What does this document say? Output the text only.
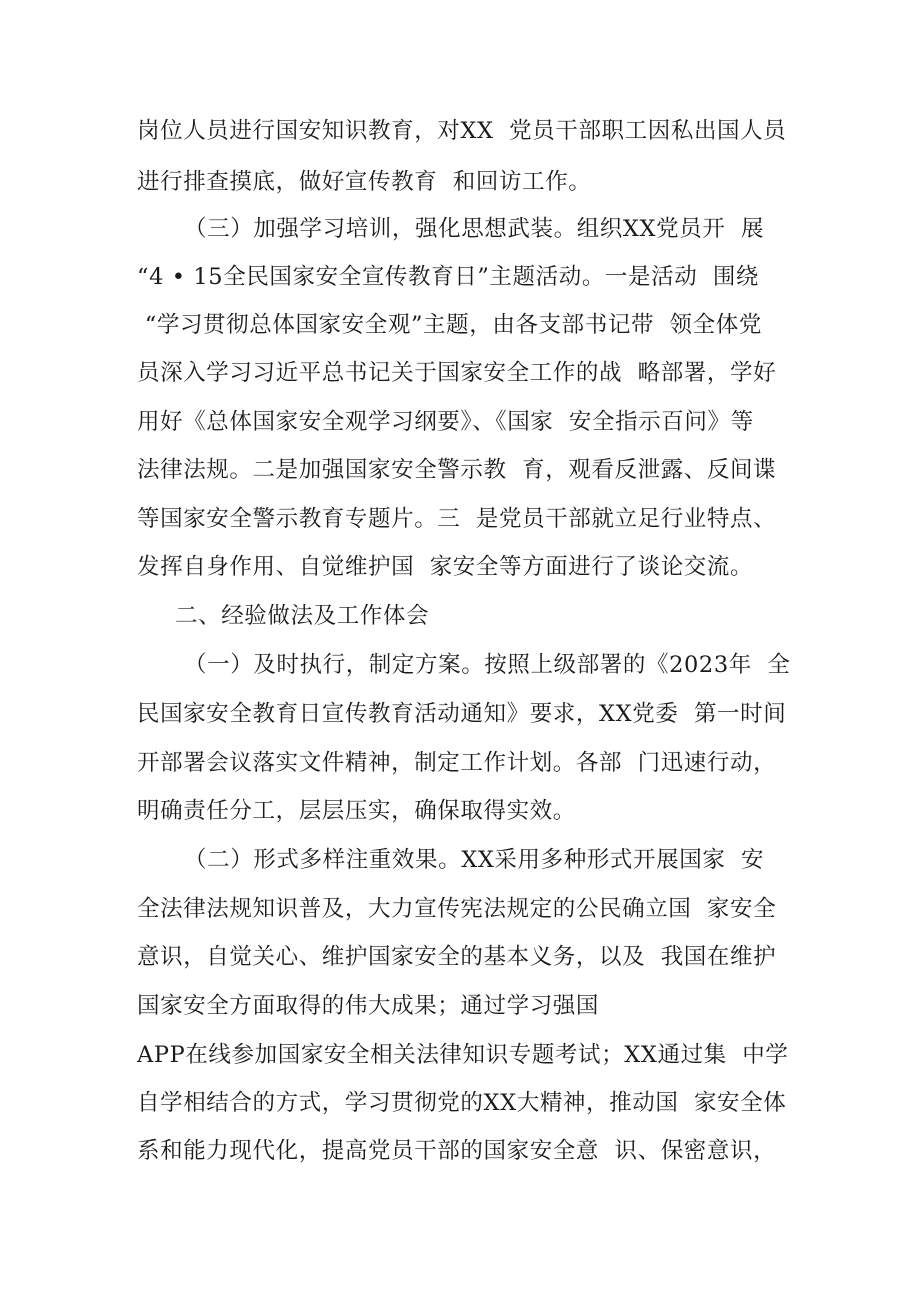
岗位人员进行国安知识教育，对XX  党员干部职工因私出国人员

进行排查摸底，做好宣传教育  和回访工作。

（三）加强学习培训，强化思想武装。组织XX党员开  展

“4 • 15全民国家安全宣传教育日”主题活动。一是活动  围绕

“学习贯彻总体国家安全观”主题，由各支部书记带  领全体党

员深入学习习近平总书记关于国家安全工作的战  略部署，学好

用好《总体国家安全观学习纲要》、《国家  安全指示百问》等

法律法规。二是加强国家安全警示教  育，观看反泄露、反间谍

等国家安全警示教育专题片。三  是党员干部就立足行业特点、

发挥自身作用、自觉维护国  家安全等方面进行了谈论交流。

二、经验做法及工作体会

（一）及时执行，制定方案。按照上级部署的《2023年  全

民国家安全教育日宣传教育活动通知》要求，XX党委  第一时间

开部署会议落实文件精神，制定工作计划。各部  门迅速行动，

明确责任分工，层层压实，确保取得实效。

（二）形式多样注重效果。XX采用多种形式开展国家  安

全法律法规知识普及，大力宣传宪法规定的公民确立国  家安全

意识，自觉关心、维护国家安全的基本义务，以及  我国在维护

国家安全方面取得的伟大成果；通过学习强国

APP在线参加国家安全相关法律知识专题考试；XX通过集  中学

自学相结合的方式，学习贯彻党的XX大精神，推动国  家安全体

系和能力现代化，提高党员干部的国家安全意  识、保密意识，
